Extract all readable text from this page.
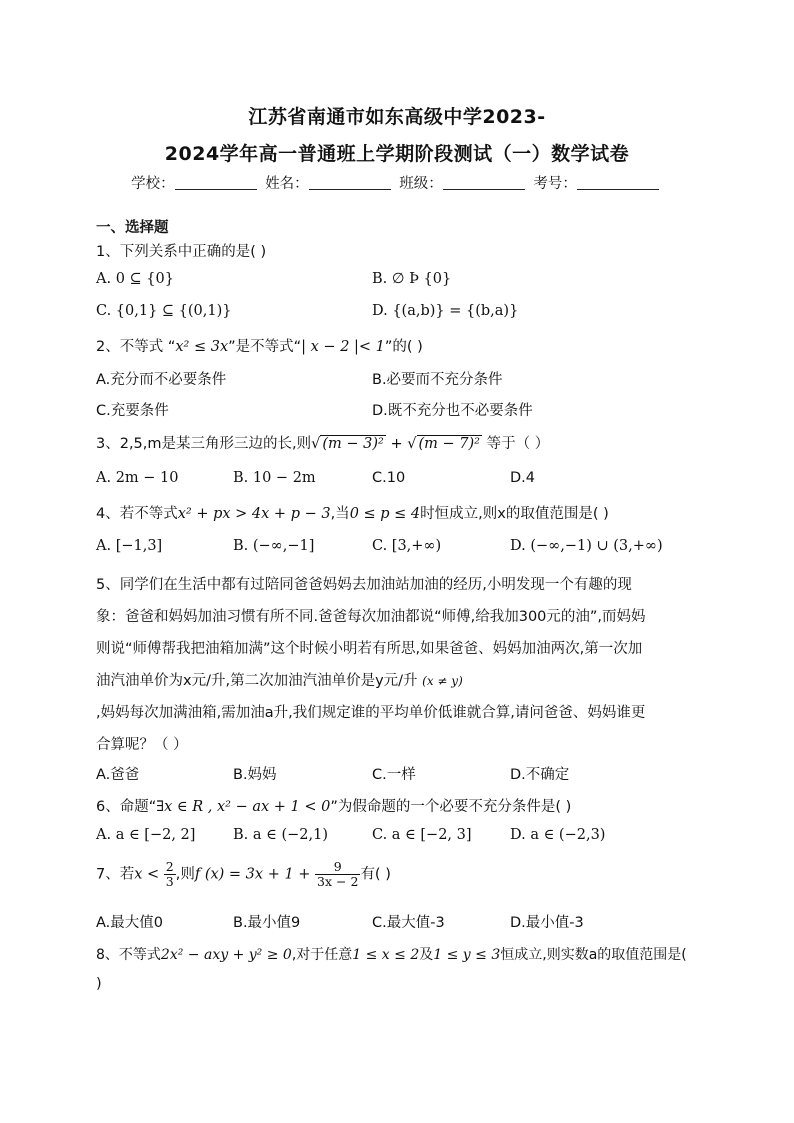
江苏省南通市如东高级中学2023-
2024学年高一普通班上学期阶段测试（一）数学试卷
学校：	姓名：	班级：	考号：
一、选择题
1、下列关系中正确的是( )
A. 0 ⊆ {0}	B. ∅ Þ {0}
C. {0,1} ⊆ {(0,1)}	D. {(a,b)} = {(b,a)}
2、不等式 “x² ≤ 3x”是不等式“| x − 2 |< 1”的( )
A.充分而不必要条件	B.必要而不充分条件
C.充要条件	D.既不充分也不必要条件
3、2,5,m是某三角形三边的长,则√ (m − 3)² + √ (m − 7)² 等于（ ）
A. 2m − 10	B. 10 − 2m	C.10	D.4
4、若不等式x² + px > 4x + p − 3,当0 ≤ p ≤ 4时恒成立,则x的取值范围是( )
A. [−1,3]	B. (−∞,−1]	C. [3,+∞)	D. (−∞,−1) ∪ (3,+∞)
5、同学们在生活中都有过陪同爸爸妈妈去加油站加油的经历,小明发现一个有趣的现
象：爸爸和妈妈加油习惯有所不同.爸爸每次加油都说“师傅,给我加300元的油”,而妈妈
则说“师傅帮我把油箱加满”这个时候小明若有所思,如果爸爸、妈妈加油两次,第一次加
油汽油单价为x元/升,第二次加油汽油单价是y元/升 (x ≠ y)
,妈妈每次加满油箱,需加油a升,我们规定谁的平均单价低谁就合算,请问爸爸、妈妈谁更
合算呢？（ ）
A.爸爸	B.妈妈	C.一样	D.不确定
6、命题“∃x ∈ R , x² − ax + 1 < 0”为假命题的一个必要不充分条件是( )
A. a ∈ [−2, 2]	B. a ∈ (−2,1)	C. a ∈ [−2, 3]	D. a ∈ (−2,3)
7、若$x < \frac{2}{3}$ ,则f $(x) = 3x + 1 + \frac{9}{3x - 2}$ 有( )
A.最大值0	B.最小值9	C.最大值-3	D.最小值-3
8、不等式2x² − axy + y² ≥ 0,对于任意1 ≤ x ≤ 2及1 ≤ y ≤ 3恒成立,则实数a的取值范围是(
)
